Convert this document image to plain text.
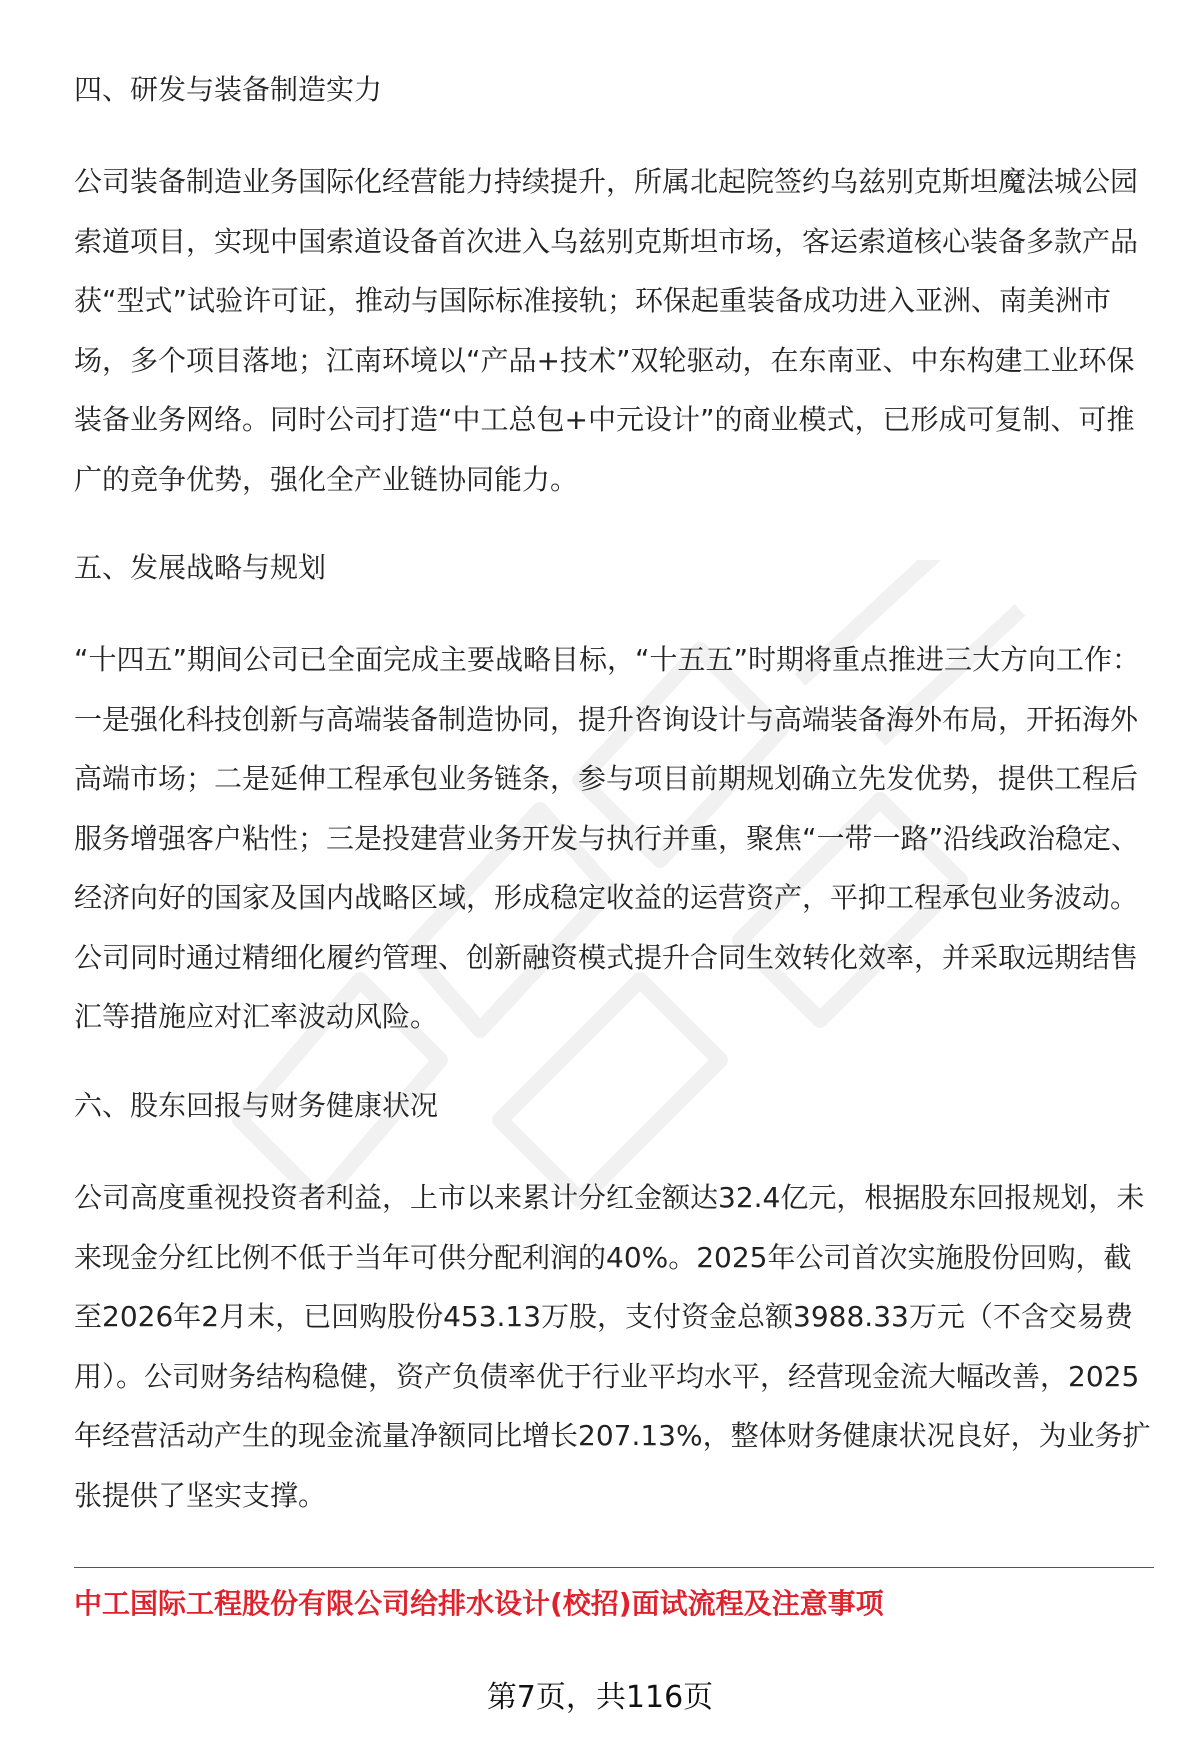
四、研发与装备制造实力

公司装备制造业务国际化经营能力持续提升，所属北起院签约乌兹别克斯坦魔法城公园索道项目，实现中国索道设备首次进入乌兹别克斯坦市场，客运索道核心装备多款产品获“型式”试验许可证，推动与国际标准接轨；环保起重装备成功进入亚洲、南美洲市场，多个项目落地；江南环境以“产品+技术”双轮驱动，在东南亚、中东构建工业环保装备业务网络。同时公司打造“中工总包+中元设计”的商业模式，已形成可复制、可推广的竞争优势，强化全产业链协同能力。

五、发展战略与规划

“十四五”期间公司已全面完成主要战略目标，“十五五”时期将重点推进三大方向工作：一是强化科技创新与高端装备制造协同，提升咨询设计与高端装备海外布局，开拓海外高端市场；二是延伸工程承包业务链条，参与项目前期规划确立先发优势，提供工程后服务增强客户粘性；三是投建营业务开发与执行并重，聚焦“一带一路”沿线政治稳定、经济向好的国家及国内战略区域，形成稳定收益的运营资产，平抑工程承包业务波动。公司同时通过精细化履约管理、创新融资模式提升合同生效转化效率，并采取远期结售汇等措施应对汇率波动风险。

六、股东回报与财务健康状况

公司高度重视投资者利益，上市以来累计分红金额达32.4亿元，根据股东回报规划，未来现金分红比例不低于当年可供分配利润的40%。2025年公司首次实施股份回购，截至2026年2月末，已回购股份453.13万股，支付资金总额3988.33万元（不含交易费用）。公司财务结构稳健，资产负债率优于行业平均水平，经营现金流大幅改善，2025年经营活动产生的现金流量净额同比增长207.13%，整体财务健康状况良好，为业务扩张提供了坚实支撑。

中工国际工程股份有限公司给排水设计(校招)面试流程及注意事项
第7页，共116页
